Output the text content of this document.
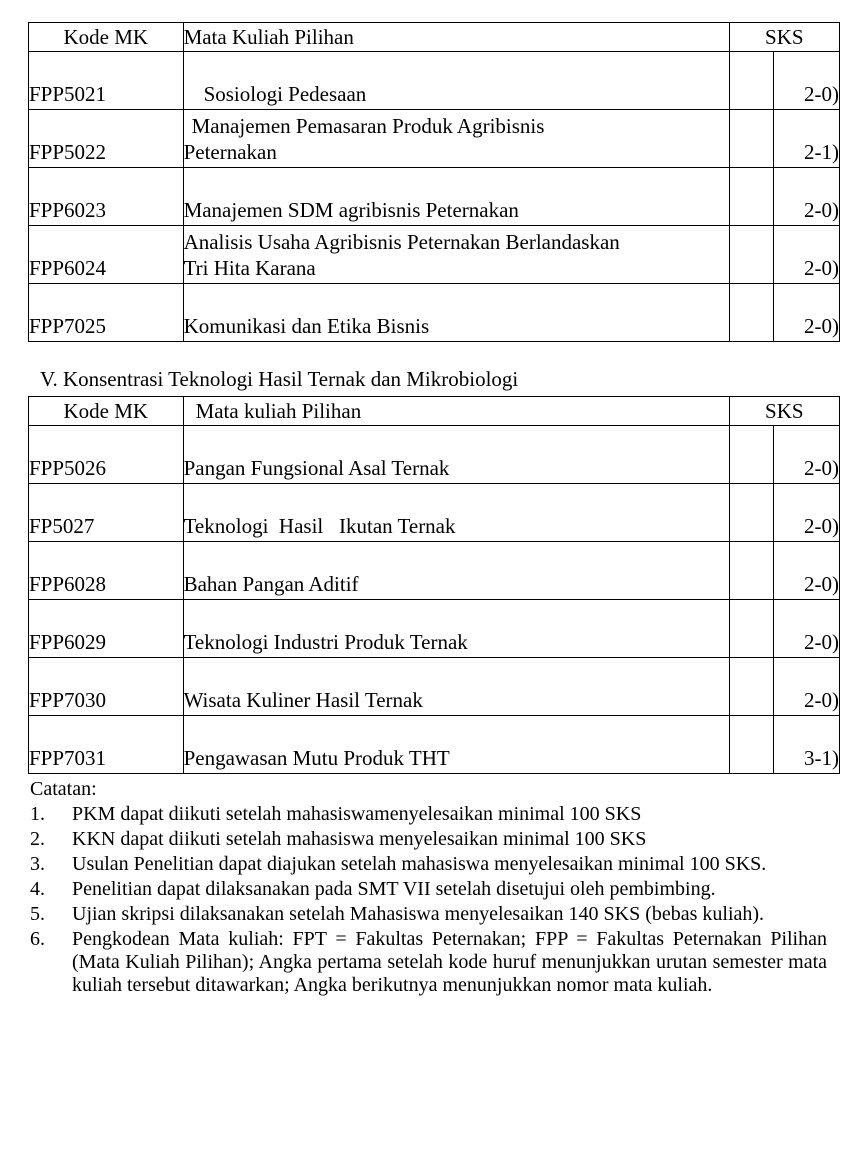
Kode MK	Mata Kuliah Pilihan	SKS	
FPP5021	Sosiologi Pedesaan		2-0)
FPP5022	Manajemen Pemasaran Produk Agribisnis
Peternakan		2-1)
FPP6023	Manajemen SDM agribisnis Peternakan		2-0)
FPP6024	Analisis Usaha Agribisnis Peternakan Berlandaskan
Tri Hita Karana		2-0)
FPP7025	Komunikasi dan Etika Bisnis		2-0)
V. Konsentrasi Teknologi Hasil Ternak dan Mikrobiologi
Kode MK	Mata kuliah Pilihan	SKS	
FPP5026	Pangan Fungsional Asal Ternak		2-0)
FP5027	Teknologi  Hasil   Ikutan Ternak		2-0)
FPP6028	Bahan Pangan Aditif		2-0)
FPP6029	Teknologi Industri Produk Ternak		2-0)
FPP7030	Wisata Kuliner Hasil Ternak		2-0)
FPP7031	Pengawasan Mutu Produk THT		3-1)
Catatan:
1. PKM dapat diikuti setelah mahasiswamenyelesaikan minimal 100 SKS
2. KKN dapat diikuti setelah mahasiswa menyelesaikan minimal 100 SKS
3. Usulan Penelitian dapat diajukan setelah mahasiswa menyelesaikan minimal 100 SKS.
4. Penelitian dapat dilaksanakan pada SMT VII setelah disetujui oleh pembimbing.
5. Ujian skripsi dilaksanakan setelah Mahasiswa menyelesaikan 140 SKS (bebas kuliah).
6. Pengkodean Mata kuliah: FPT = Fakultas Peternakan; FPP = Fakultas Peternakan Pilihan (Mata Kuliah Pilihan); Angka pertama setelah kode huruf menunjukkan urutan semester mata kuliah tersebut ditawarkan; Angka berikutnya menunjukkan nomor mata kuliah.
